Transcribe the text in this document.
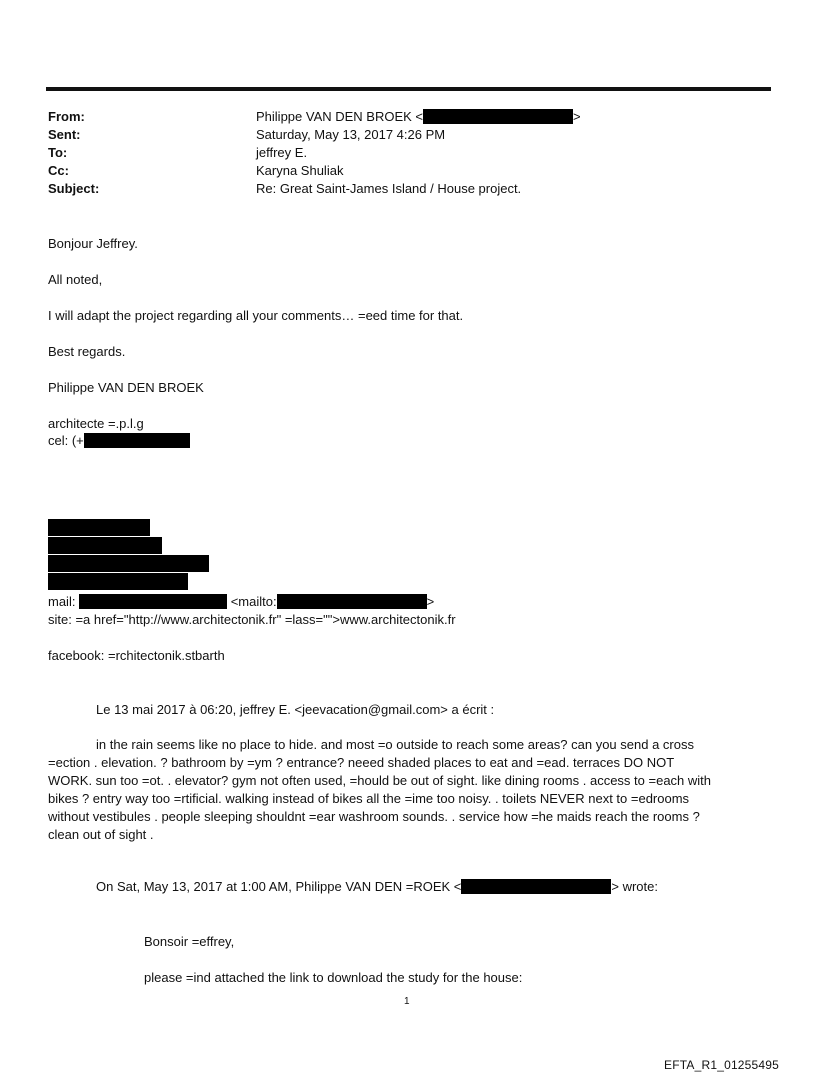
From:	Philippe VAN DEN BROEK <	>
Sent:	Saturday, May 13, 2017 4:26 PM
To:	jeffrey E.
Cc:	Karyna Shuliak
Subject:	Re: Great Saint-James Island / House project.
Bonjour Jeffrey.
All noted,
I will adapt the project regarding all your comments… =eed time for that.
Best regards.
Philippe VAN DEN BROEK
architecte =.p.l.g
cel: (+
mail:	<mailto:	>
site: =a href="http://www.architectonik.fr" =lass="">www.architectonik.fr
facebook: =rchitectonik.stbarth
Le 13 mai 2017 à 06:20, jeffrey E. <jeevacation@gmail.com> a écrit :
in the rain seems like no place to hide. and most =o outside to reach some areas? can you send a cross
=ection . elevation. ? bathroom by =ym ? entrance? neeed shaded places to eat and =ead. terraces DO NOT
WORK. sun too =ot. . elevator? gym not often used, =hould be out of sight. like dining rooms . access to =each with
bikes ? entry way too =rtificial. walking instead of bikes all the =ime too noisy. . toilets NEVER next to =edrooms
without vestibules . people sleeping shouldnt =ear washroom sounds. . service how =he maids reach the rooms ?
clean out of sight .
On Sat, May 13, 2017 at 1:00 AM, Philippe VAN DEN =ROEK <	> wrote:
Bonsoir =effrey,
please =ind attached the link to download the study for the house:
1
EFTA_R1_01255495
